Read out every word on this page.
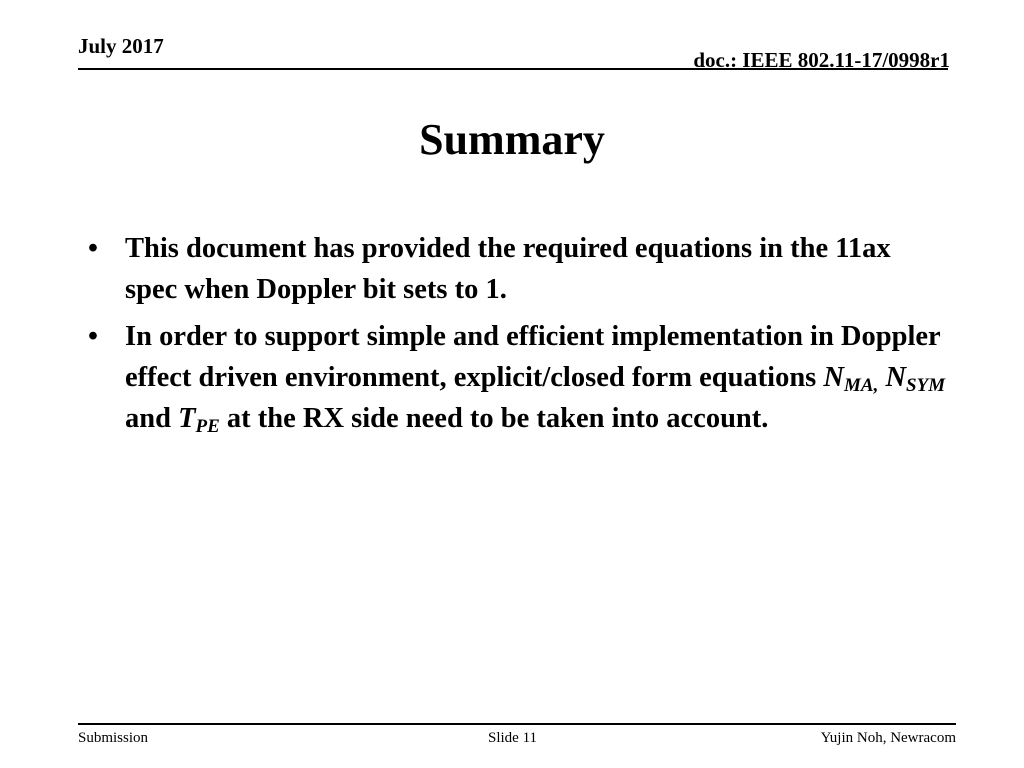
July 2017
doc.: IEEE 802.11-17/0998r1
Summary
• This document has provided the required equations in the 11ax spec when Doppler bit sets to 1.
• In order to support simple and efficient implementation in Doppler effect driven environment, explicit/closed form equations $N_{MA,}$ $N_{SYM}$ and $T_{PE}$ at the RX side need to be taken into account.
Submission	Slide 11	Yujin Noh, Newracom
